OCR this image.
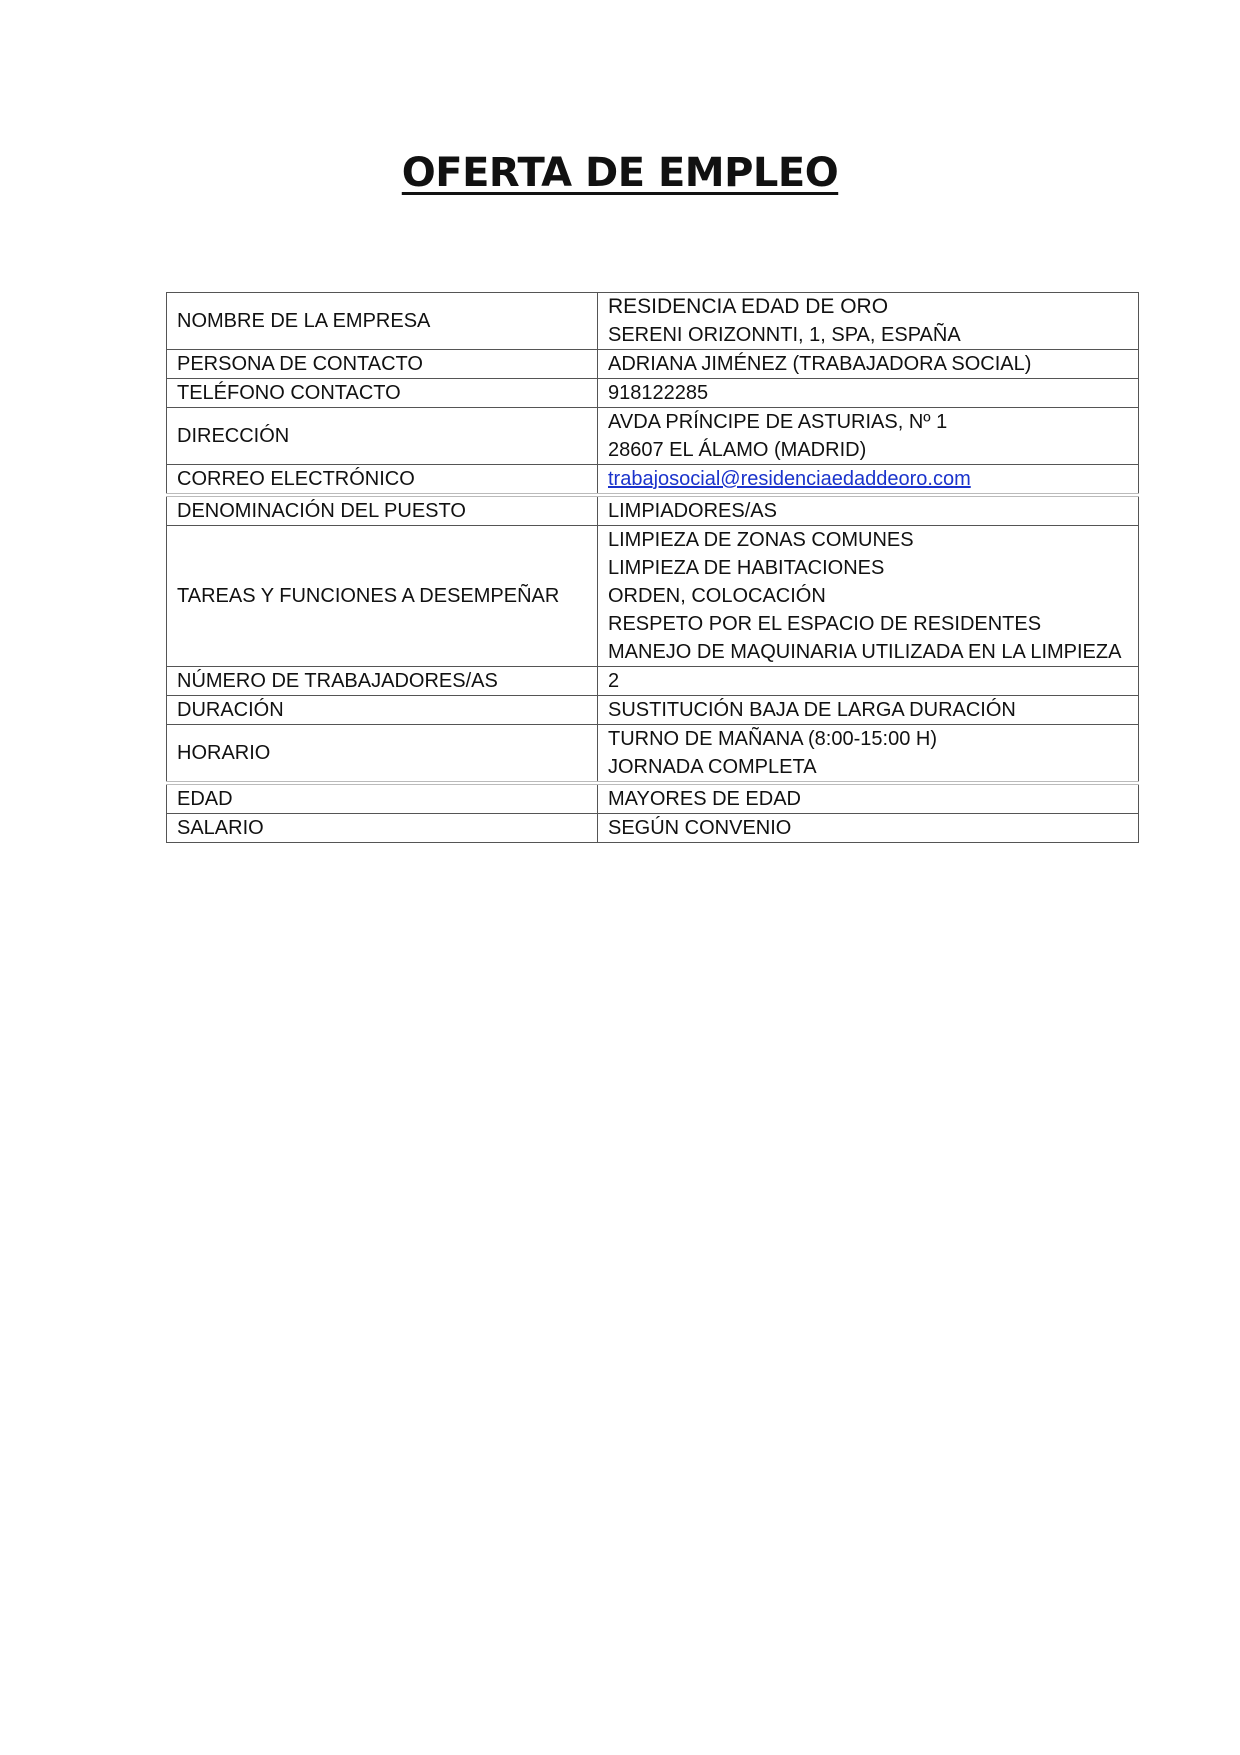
OFERTA DE EMPLEO
NOMBRE DE LA EMPRESA	RESIDENCIA EDAD DE ORO
SERENI ORIZONNTI, 1, SPA, ESPAÑA

PERSONA DE CONTACTO	ADRIANA JIMÉNEZ (TRABAJADORA SOCIAL)
TELÉFONO CONTACTO	918122285
DIRECCIÓN	AVDA PRÍNCIPE DE ASTURIAS, Nº 1
28607 EL ÁLAMO (MADRID)

CORREO ELECTRÓNICO	trabajosocial@residenciaedaddeoro.com
DENOMINACIÓN DEL PUESTO	LIMPIADORES/AS
TAREAS Y FUNCIONES A DESEMPEÑAR	LIMPIEZA DE ZONAS COMUNES
LIMPIEZA DE HABITACIONES
ORDEN, COLOCACIÓN
RESPETO POR EL ESPACIO DE RESIDENTES
MANEJO DE MAQUINARIA UTILIZADA EN LA LIMPIEZA

NÚMERO DE TRABAJADORES/AS	2
DURACIÓN	SUSTITUCIÓN BAJA DE LARGA DURACIÓN
HORARIO	TURNO DE MAÑANA (8:00-15:00 H)
JORNADA COMPLETA

EDAD	MAYORES DE EDAD
SALARIO	SEGÚN CONVENIO
